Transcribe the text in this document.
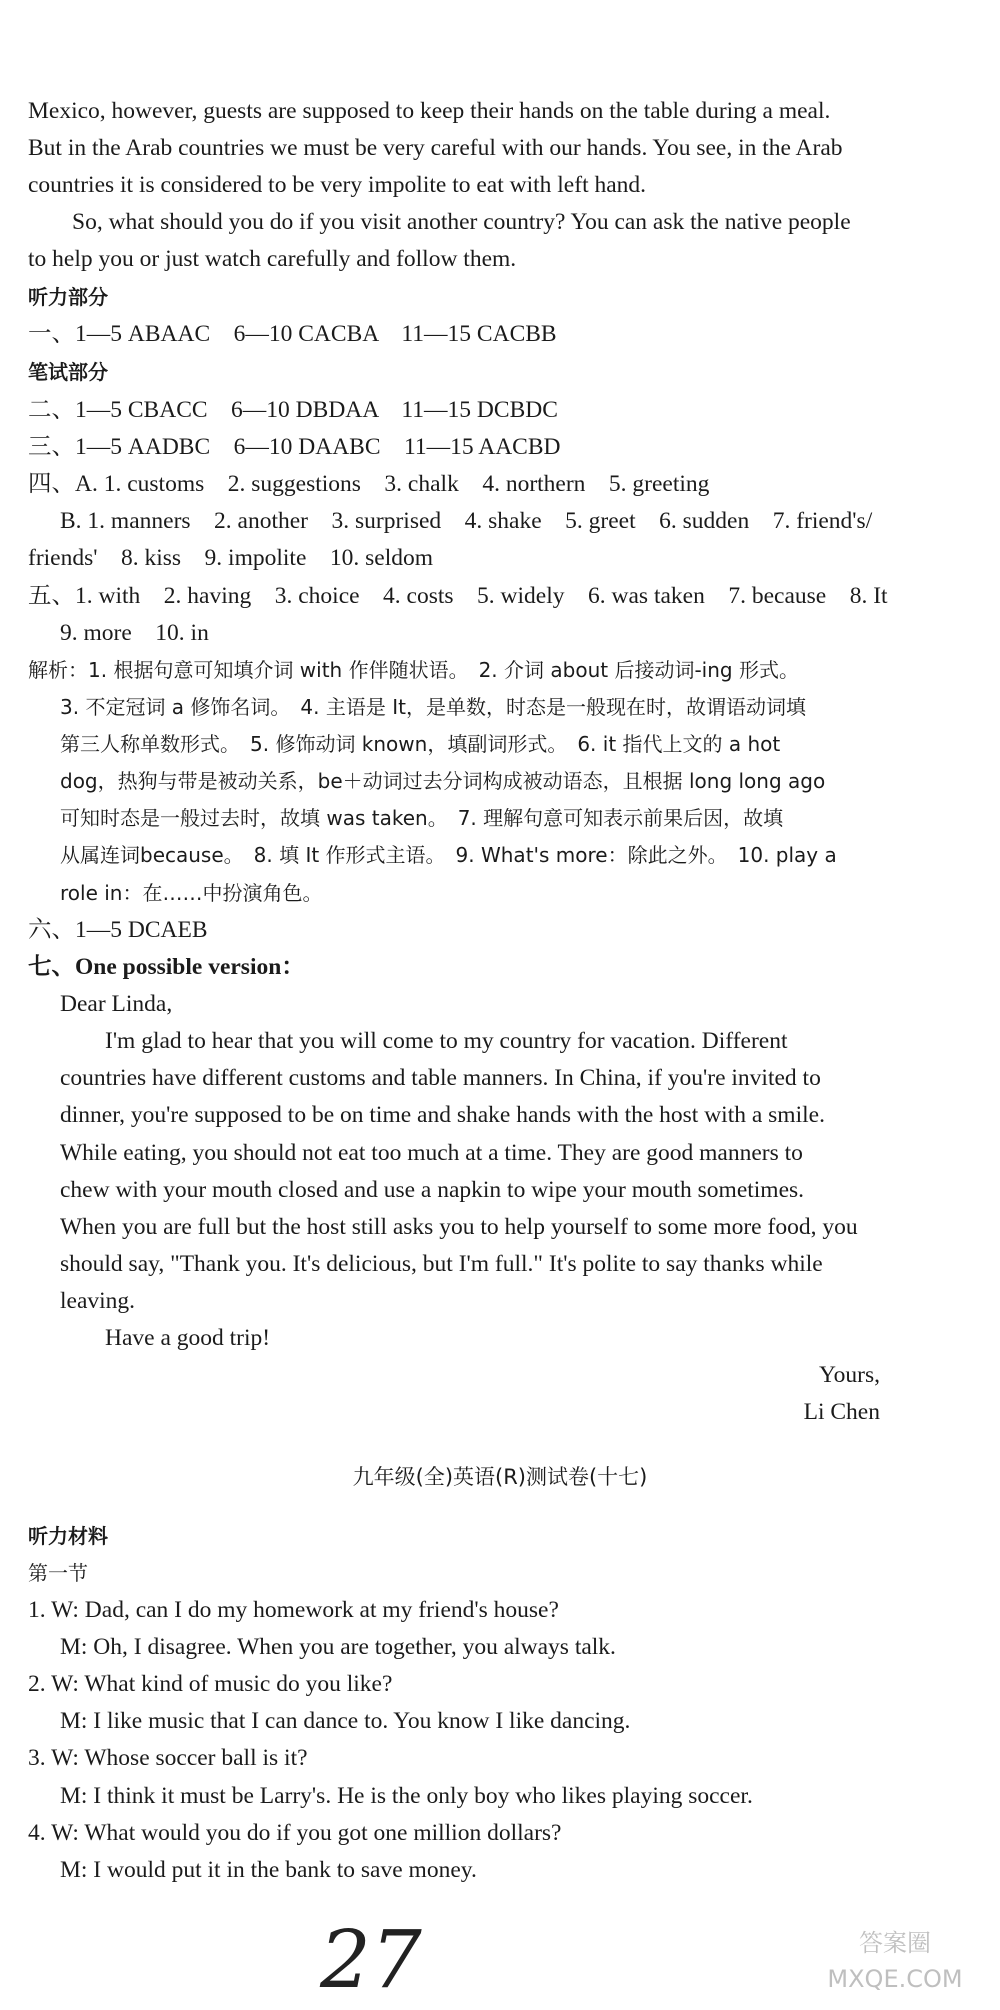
Mexico, however, guests are supposed to keep their hands on the table during a meal.
But in the Arab countries we must be very careful with our hands. You see, in the Arab
countries it is considered to be very impolite to eat with left hand.
So, what should you do if you visit another country? You can ask the native people
to help you or just watch carefully and follow them.
听力部分
一、1—5 ABAAC　6—10 CACBA　11—15 CACBB
笔试部分
二、1—5 CBACC　6—10 DBDAA　11—15 DCBDC
三、1—5 AADBC　6—10 DAABC　11—15 AACBD
四、A. 1. customs　2. suggestions　3. chalk　4. northern　5. greeting
B. 1. manners　2. another　3. surprised　4. shake　5. greet　6. sudden　7. friend's/
friends'　8. kiss　9. impolite　10. seldom
五、1. with　2. having　3. choice　4. costs　5. widely　6. was taken　7. because　8. It
9. more　10. in
解析：1. 根据句意可知填介词 with 作伴随状语。　2. 介词 about 后接动词-ing 形式。
3. 不定冠词 a 修饰名词。　4. 主语是 It，是单数，时态是一般现在时，故谓语动词填
第三人称单数形式。　5. 修饰动词 known，填副词形式。　6. it 指代上文的 a hot
dog，热狗与带是被动关系，be＋动词过去分词构成被动语态，且根据 long long ago
可知时态是一般过去时，故填 was taken。　7. 理解句意可知表示前果后因，故填
从属连词because。　8. 填 It 作形式主语。　9. What's more：除此之外。　10. play a
role in：在……中扮演角色。
六、1—5 DCAEB
七、One possible version：
Dear Linda,
I'm glad to hear that you will come to my country for vacation. Different
countries have different customs and table manners. In China, if you're invited to
dinner, you're supposed to be on time and shake hands with the host with a smile.
While eating, you should not eat too much at a time. They are good manners to
chew with your mouth closed and use a napkin to wipe your mouth sometimes.
When you are full but the host still asks you to help yourself to some more food, you
should say, "Thank you. It's delicious, but I'm full." It's polite to say thanks while
leaving.
Have a good trip!
Yours,
Li Chen
九年级(全)英语(R)测试卷(十七)
听力材料
第一节
1. W: Dad, can I do my homework at my friend's house?
M: Oh, I disagree. When you are together, you always talk.
2. W: What kind of music do you like?
M: I like music that I can dance to. You know I like dancing.
3. W: Whose soccer ball is it?
M: I think it must be Larry's. He is the only boy who likes playing soccer.
4. W: What would you do if you got one million dollars?
M: I would put it in the bank to save money.
27	答案圈
MXQE.COM
